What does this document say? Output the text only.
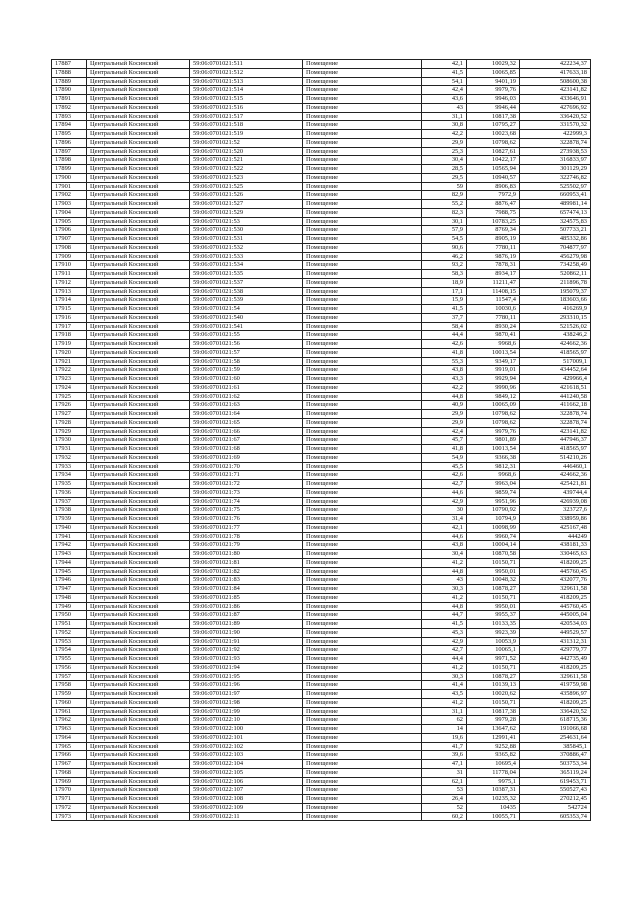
17887	Центральный Косинский	59:06:0701021:511	Помещение	42,1	10029,32	422234,37
17888	Центральный Косинский	59:06:0701021:512	Помещение	41,5	10065,85	417633,18
17889	Центральный Косинский	59:06:0701021:513	Помещение	54,1	9401,19	508600,38
17890	Центральный Косинский	59:06:0701021:514	Помещение	42,4	9979,76	423141,82
17891	Центральный Косинский	59:06:0701021:515	Помещение	43,6	9946,03	433646,91
17892	Центральный Косинский	59:06:0701021:516	Помещение	43	9946,44	427696,92
17893	Центральный Косинский	59:06:0701021:517	Помещение	31,1	10817,38	336420,52
17894	Центральный Косинский	59:06:0701021:518	Помещение	30,8	10795,27	331570,32
17895	Центральный Косинский	59:06:0701021:519	Помещение	42,2	10023,68	422999,3
17896	Центральный Косинский	59:06:0701021:52	Помещение	29,9	10798,62	322878,74
17897	Центральный Косинский	59:06:0701021:520	Помещение	25,3	10827,61	273938,53
17898	Центральный Косинский	59:06:0701021:521	Помещение	30,4	10422,17	316833,97
17899	Центральный Косинский	59:06:0701021:522	Помещение	28,5	10565,94	301129,29
17900	Центральный Косинский	59:06:0701021:523	Помещение	29,5	10940,57	322746,82
17901	Центральный Косинский	59:06:0701021:525	Помещение	59	8906,83	525502,97
17902	Центральный Косинский	59:06:0701021:526	Помещение	82,9	7972,9	660953,41
17903	Центральный Косинский	59:06:0701021:527	Помещение	55,2	8876,47	489981,14
17904	Центральный Косинский	59:06:0701021:529	Помещение	82,3	7988,75	657474,13
17905	Центральный Косинский	59:06:0701021:53	Помещение	30,1	10783,25	324575,83
17906	Центральный Косинский	59:06:0701021:530	Помещение	57,9	8769,34	507733,21
17907	Центральный Косинский	59:06:0701021:531	Помещение	54,5	8905,19	485332,86
17908	Центральный Косинский	59:06:0701021:532	Помещение	90,6	7780,11	704877,97
17909	Центральный Косинский	59:06:0701021:533	Помещение	46,2	9876,19	456279,98
17910	Центральный Косинский	59:06:0701021:534	Помещение	93,2	7878,31	734258,49
17911	Центральный Косинский	59:06:0701021:535	Помещение	58,3	8934,17	520862,11
17912	Центральный Косинский	59:06:0701021:537	Помещение	18,9	11211,47	211896,78
17913	Центральный Косинский	59:06:0701021:538	Помещение	17,1	11408,15	195079,37
17914	Центральный Косинский	59:06:0701021:539	Помещение	15,9	11547,4	183603,66
17915	Центральный Косинский	59:06:0701021:54	Помещение	41,5	10030,6	416269,9
17916	Центральный Косинский	59:06:0701021:540	Помещение	37,7	7780,11	293310,15
17917	Центральный Косинский	59:06:0701021:541	Помещение	58,4	8930,24	521526,02
17918	Центральный Косинский	59:06:0701021:55	Помещение	44,4	9870,41	438246,2
17919	Центральный Косинский	59:06:0701021:56	Помещение	42,6	9968,6	424662,36
17920	Центральный Косинский	59:06:0701021:57	Помещение	41,8	10013,54	418565,97
17921	Центральный Косинский	59:06:0701021:58	Помещение	55,3	9349,17	517009,1
17922	Центральный Косинский	59:06:0701021:59	Помещение	43,8	9919,01	434452,64
17923	Центральный Косинский	59:06:0701021:60	Помещение	43,3	9929,94	429966,4
17924	Центральный Косинский	59:06:0701021:61	Помещение	42,2	9990,96	421618,51
17925	Центральный Косинский	59:06:0701021:62	Помещение	44,8	9849,12	441240,58
17926	Центральный Косинский	59:06:0701021:63	Помещение	40,9	10065,09	411662,18
17927	Центральный Косинский	59:06:0701021:64	Помещение	29,9	10798,62	322878,74
17928	Центральный Косинский	59:06:0701021:65	Помещение	29,9	10798,62	322878,74
17929	Центральный Косинский	59:06:0701021:66	Помещение	42,4	9979,76	423141,82
17930	Центральный Косинский	59:06:0701021:67	Помещение	45,7	9801,89	447946,37
17931	Центральный Косинский	59:06:0701021:68	Помещение	41,8	10013,54	418565,97
17932	Центральный Косинский	59:06:0701021:69	Помещение	54,9	9366,38	514210,26
17933	Центральный Косинский	59:06:0701021:70	Помещение	45,5	9812,31	446460,1
17934	Центральный Косинский	59:06:0701021:71	Помещение	42,6	9968,6	424662,36
17935	Центральный Косинский	59:06:0701021:72	Помещение	42,7	9963,04	425421,81
17936	Центральный Косинский	59:06:0701021:73	Помещение	44,6	9859,74	439744,4
17937	Центральный Косинский	59:06:0701021:74	Помещение	42,9	9951,96	426939,08
17938	Центральный Косинский	59:06:0701021:75	Помещение	30	10790,92	323727,6
17939	Центральный Косинский	59:06:0701021:76	Помещение	31,4	10794,9	338959,86
17940	Центральный Косинский	59:06:0701021:77	Помещение	42,1	10098,99	425167,48
17941	Центральный Косинский	59:06:0701021:78	Помещение	44,6	9960,74	444249
17942	Центральный Косинский	59:06:0701021:79	Помещение	43,8	10004,14	438181,33
17943	Центральный Косинский	59:06:0701021:80	Помещение	30,4	10870,58	330465,63
17944	Центральный Косинский	59:06:0701021:81	Помещение	41,2	10150,71	418209,25
17945	Центральный Косинский	59:06:0701021:82	Помещение	44,8	9950,01	445760,45
17946	Центральный Косинский	59:06:0701021:83	Помещение	43	10048,32	432077,76
17947	Центральный Косинский	59:06:0701021:84	Помещение	30,3	10878,27	329611,58
17948	Центральный Косинский	59:06:0701021:85	Помещение	41,2	10150,71	418209,25
17949	Центральный Косинский	59:06:0701021:86	Помещение	44,8	9950,01	445760,45
17950	Центральный Косинский	59:06:0701021:87	Помещение	44,7	9955,37	445005,04
17951	Центральный Косинский	59:06:0701021:89	Помещение	41,5	10133,35	420534,03
17952	Центральный Косинский	59:06:0701021:90	Помещение	45,3	9923,39	449529,57
17953	Центральный Косинский	59:06:0701021:91	Помещение	42,9	10053,9	431312,31
17954	Центральный Косинский	59:06:0701021:92	Помещение	42,7	10065,1	429779,77
17955	Центральный Косинский	59:06:0701021:93	Помещение	44,4	9971,52	442735,49
17956	Центральный Косинский	59:06:0701021:94	Помещение	41,2	10150,71	418209,25
17957	Центральный Косинский	59:06:0701021:95	Помещение	30,3	10878,27	329611,58
17958	Центральный Косинский	59:06:0701021:96	Помещение	41,4	10139,13	419759,98
17959	Центральный Косинский	59:06:0701021:97	Помещение	43,5	10020,62	435896,97
17960	Центральный Косинский	59:06:0701021:98	Помещение	41,2	10150,71	418209,25
17961	Центральный Косинский	59:06:0701021:99	Помещение	31,1	10817,38	336420,52
17962	Центральный Косинский	59:06:0701022:10	Помещение	62	9979,28	618715,36
17963	Центральный Косинский	59:06:0701022:100	Помещение	14	13647,62	191066,68
17964	Центральный Косинский	59:06:0701022:101	Помещение	19,6	12991,41	254631,64
17965	Центральный Косинский	59:06:0701022:102	Помещение	41,7	9252,88	385845,1
17966	Центральный Косинский	59:06:0701022:103	Помещение	39,6	9365,82	370886,47
17967	Центральный Косинский	59:06:0701022:104	Помещение	47,1	10695,4	503753,34
17968	Центральный Косинский	59:06:0701022:105	Помещение	31	11778,04	365119,24
17969	Центральный Косинский	59:06:0701022:106	Помещение	62,1	9975,1	619453,71
17970	Центральный Косинский	59:06:0701022:107	Помещение	53	10387,31	550527,43
17971	Центральный Косинский	59:06:0701022:108	Помещение	26,4	10235,32	270212,45
17972	Центральный Косинский	59:06:0701022:109	Помещение	52	10435	542724
17973	Центральный Косинский	59:06:0701022:11	Помещение	60,2	10055,71	605353,74
